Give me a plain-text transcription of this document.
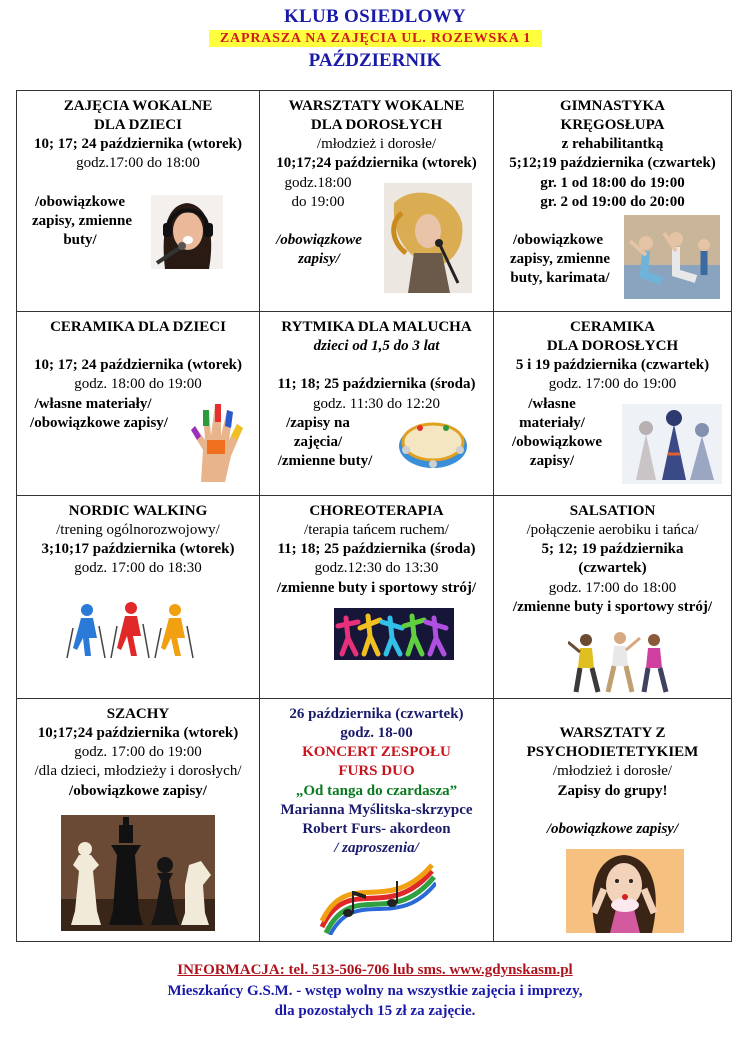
KLUB OSIEDLOWY
ZAPRASZA NA ZAJĘCIA UL. ROZEWSKA 1
PAŹDZIERNIK
ZAJĘCIA WOKALNE
DLA DZIECI
10; 17; 24 października (wtorek)
godz.17:00 do 18:00
/obowiązkowe
zapisy, zmienne
buty/
WARSZTATY WOKALNE
DLA DOROSŁYCH
/młodzież i dorosłe/
10;17;24 października (wtorek)
godz.18:00
do 19:00
/obowiązkowe
zapisy/
GIMNASTYKA
KRĘGOSŁUPA
z rehabilitantką
5;12;19 października (czwartek)
gr. 1 od 18:00 do 19:00
gr. 2 od 19:00 do 20:00
/obowiązkowe
zapisy, zmienne
buty, karimata/
CERAMIKA DLA DZIECI
10; 17; 24 października (wtorek)
godz. 18:00 do 19:00
/własne materiały/
/obowiązkowe zapisy/
RYTMIKA DLA MALUCHA
dzieci od 1,5 do 3 lat
11; 18; 25 października (środa)
godz. 11:30 do 12:20
/zapisy na
zajęcia/
/zmienne buty/
CERAMIKA
DLA DOROSŁYCH
5 i 19 października (czwartek)
godz. 17:00 do 19:00
/własne
materiały/
/obowiązkowe
zapisy/
NORDIC WALKING
/trening ogólnorozwojowy/
3;10;17 października (wtorek)
godz. 17:00 do 18:30
CHOREOTERAPIA
/terapia tańcem ruchem/
11; 18; 25 października (środa)
godz.12:30 do 13:30
/zmienne buty i sportowy strój/
SALSATION
/połączenie aerobiku i tańca/
5; 12; 19 października
(czwartek)
godz. 17:00 do 18:00
/zmienne buty i sportowy strój/
SZACHY
10;17;24 października (wtorek)
godz. 17:00 do 19:00
/dla dzieci, młodzieży i dorosłych/
/obowiązkowe zapisy/
26 października (czwartek)
godz. 18-00
KONCERT ZESPOŁU
FURS DUO
„Od tanga do czardasza”
Marianna Myślitska-skrzypce
Robert Furs- akordeon
/ zaproszenia/
WARSZTATY Z
PSYCHODIETETYKIEM
/młodzież i dorosłe/
Zapisy do grupy!
/obowiązkowe zapisy/
INFORMACJA: tel. 513-506-706 lub sms. www.gdynskasm.pl
Mieszkańcy G.S.M. - wstęp wolny na wszystkie zajęcia i imprezy,
dla pozostałych 15 zł za zajęcie.
